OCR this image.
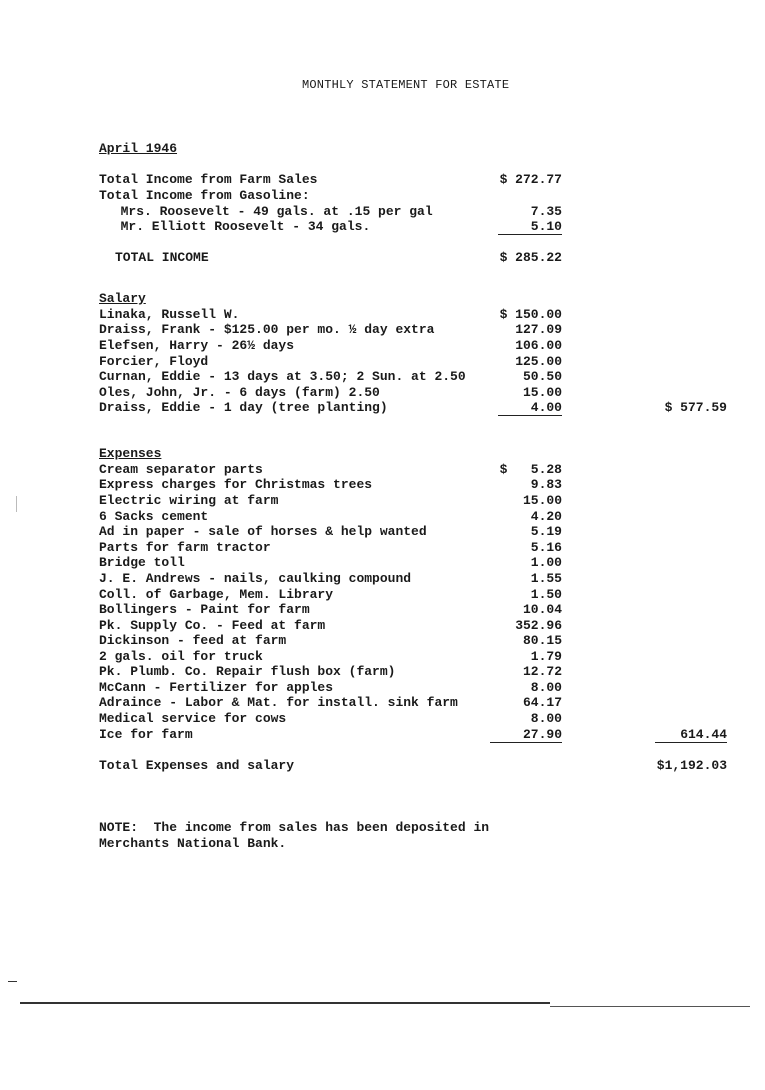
MONTHLY STATEMENT FOR ESTATE
April 1946
Total Income from Farm Sales	$ 272.77
Total Income from Gasoline:
Mrs. Roosevelt - 49 gals. at .15 per gal	7.35
Mr. Elliott Roosevelt - 34 gals.	5.10
TOTAL INCOME	$ 285.22
Salary
Linaka, Russell W.	$ 150.00
Draiss, Frank - $125.00 per mo. ½ day extra	127.09
Elefsen, Harry - 26½ days	106.00
Forcier, Floyd	125.00
Curnan, Eddie - 13 days at 3.50; 2 Sun. at 2.50	50.50
Oles, John, Jr. - 6 days (farm) 2.50	15.00
Draiss, Eddie - 1 day (tree planting)	4.00	$ 577.59
Expenses
Cream separator parts	$   5.28
Express charges for Christmas trees	9.83
Electric wiring at farm	15.00
6 Sacks cement	4.20
Ad in paper - sale of horses & help wanted	5.19
Parts for farm tractor	5.16
Bridge toll	1.00
J. E. Andrews - nails, caulking compound	1.55
Coll. of Garbage, Mem. Library	1.50
Bollingers - Paint for farm	10.04
Pk. Supply Co. - Feed at farm	352.96
Dickinson - feed at farm	80.15
2 gals. oil for truck	1.79
Pk. Plumb. Co. Repair flush box (farm)	12.72
McCann - Fertilizer for apples	8.00
Adraince - Labor & Mat. for install. sink farm	64.17
Medical service for cows	8.00
Ice for farm	27.90	614.44
Total Expenses and salary	$1,192.03
NOTE:  The income from sales has been deposited in
Merchants National Bank.
